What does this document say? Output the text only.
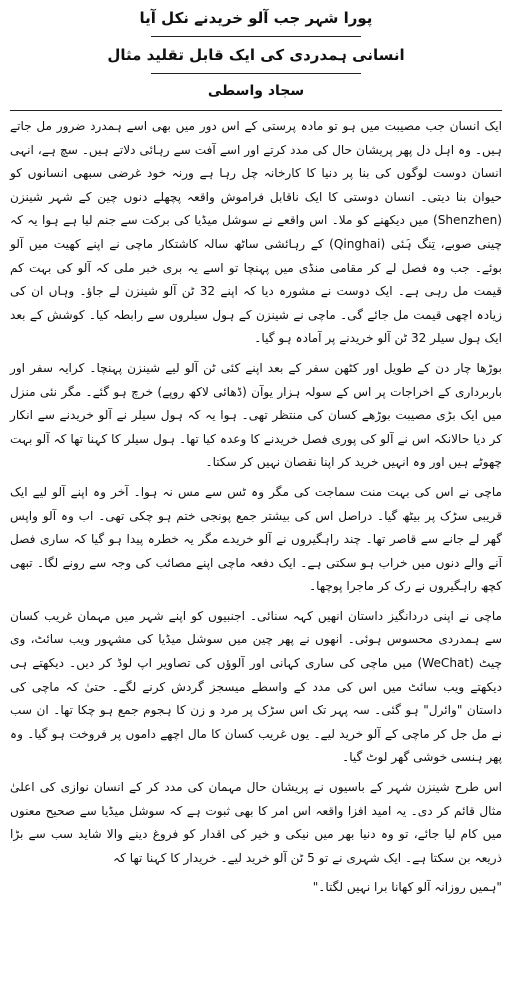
پورا شہر جب آلو خریدنے نکل آیا
انسانی ہمدردی کی ایک قابل تقلید مثال
سجاد واسطی

ایک انسان جب مصیبت میں ہو تو مادہ پرستی کے اس دور میں بھی اسے ہمدرد ضرور مل جاتے ہیں۔ وہ اہل دل پھر پریشان حال کی مدد کرتے اور اسے آفت سے رہائی دلاتے ہیں۔ سچ ہے، انہی انسان دوست لوگوں کی بنا پر دنیا کا کارخانہ چل رہا ہے ورنہ خود غرضی سبھی انسانوں کو حیوان بنا دیتی۔ انسان دوستی کا ایک ناقابل فراموش واقعہ پچھلے دنوں چین کے شہر شینزن (Shenzhen) میں دیکھنے کو ملا۔ اس واقعے نے سوشل میڈیا کی برکت سے جنم لیا ہے ہوا یہ کہ چینی صوبے، تِنگ ہَئی (Qinghai) کے رہائشی ساٹھ سالہ کاشتکار ماچی نے اپنے کھیت میں آلو بوئے۔ جب وہ فصل لے کر مقامی منڈی میں پہنچا تو اسے یہ بری خبر ملی کہ آلو کی بہت کم قیمت مل رہی ہے۔ ایک دوست نے مشورہ دیا کہ اپنے 32 ٹن آلو شینزن لے جاؤ۔ وہاں ان کی زیادہ اچھی قیمت مل جائے گی۔ ماچی نے شینزن کے ہول سیلروں سے رابطہ کیا۔ کوشش کے بعد ایک ہول سیلر 32 ٹن آلو خریدنے پر آمادہ ہو گیا۔

بوڑھا چار دن کے طویل اور کٹھن سفر کے بعد اپنے کئی ٹن آلو لیے شینزن پہنچا۔ کرایہ سفر اور باربرداری کے اخراجات پر اس کے سولہ ہزار یوآن (ڈھائی لاکھ روپے) خرچ ہو گئے۔ مگر نئی منزل میں ایک بڑی مصیبت بوڑھے کسان کی منتظر تھی۔ ہوا یہ کہ ہول سیلر نے آلو خریدنے سے انکار کر دیا حالانکہ اس نے آلو کی پوری فصل خریدنے کا وعدہ کیا تھا۔ ہول سیلر کا کہنا تھا کہ آلو بہت چھوٹے ہیں اور وہ انہیں خرید کر اپنا نقصان نہیں کر سکتا۔

ماچی نے اس کی بہت منت سماجت کی مگر وہ ٹس سے مس نہ ہوا۔ آخر وہ اپنے آلو لیے ایک قریبی سڑک پر بیٹھ گیا۔ دراصل اس کی بیشتر جمع پونجی ختم ہو چکی تھی۔ اب وہ آلو واپس گھر لے جانے سے قاصر تھا۔ چند راہگیروں نے آلو خریدے مگر یہ خطرہ پیدا ہو گیا کہ ساری فصل آنے والے دنوں میں خراب ہو سکتی ہے۔ ایک دفعہ ماچی اپنے مصائب کی وجہ سے رونے لگا۔ تبھی کچھ راہگیروں نے رک کر ماجرا پوچھا۔

ماچی نے اپنی دردانگیز داستان انھیں کہہ سنائی۔ اجنبیوں کو اپنے شہر میں مہمان غریب کسان سے ہمدردی محسوس ہوئی۔ انھوں نے پھر چین میں سوشل میڈیا کی مشہور ویب سائٹ، وی چیٹ (WeChat) میں ماچی کی ساری کہانی اور آلوؤں کی تصاویر اپ لوڈ کر دیں۔ دیکھتے ہی دیکھتے ویب سائٹ میں اس کی مدد کے واسطے میسجز گردش کرنے لگے۔ حتیٰ کہ ماچی کی داستان "وائرل" ہو گئی۔ سہ پہر تک اس سڑک پر مرد و زن کا ہجوم جمع ہو چکا تھا۔ ان سب نے مل جل کر ماچی کے آلو خرید لیے۔ یوں غریب کسان کا مال اچھے داموں پر فروخت ہو گیا۔ وہ پھر ہنسی خوشی گھر لوٹ گیا۔

اس طرح شینزن شہر کے باسیوں نے پریشان حال مہمان کی مدد کر کے انسان نوازی کی اعلیٰ مثال قائم کر دی۔ یہ امید افزا واقعہ اس امر کا بھی ثبوت ہے کہ سوشل میڈیا سے صحیح معنوں میں کام لیا جائے، تو وہ دنیا بھر میں نیکی و خیر کی اقدار کو فروغ دینے والا شاید سب سے بڑا ذریعہ بن سکتا ہے۔ ایک شہری نے تو 5 ٹن آلو خرید لیے۔ خریدار کا کہنا تھا کہ

"ہمیں روزانہ آلو کھانا برا نہیں لگتا۔"
